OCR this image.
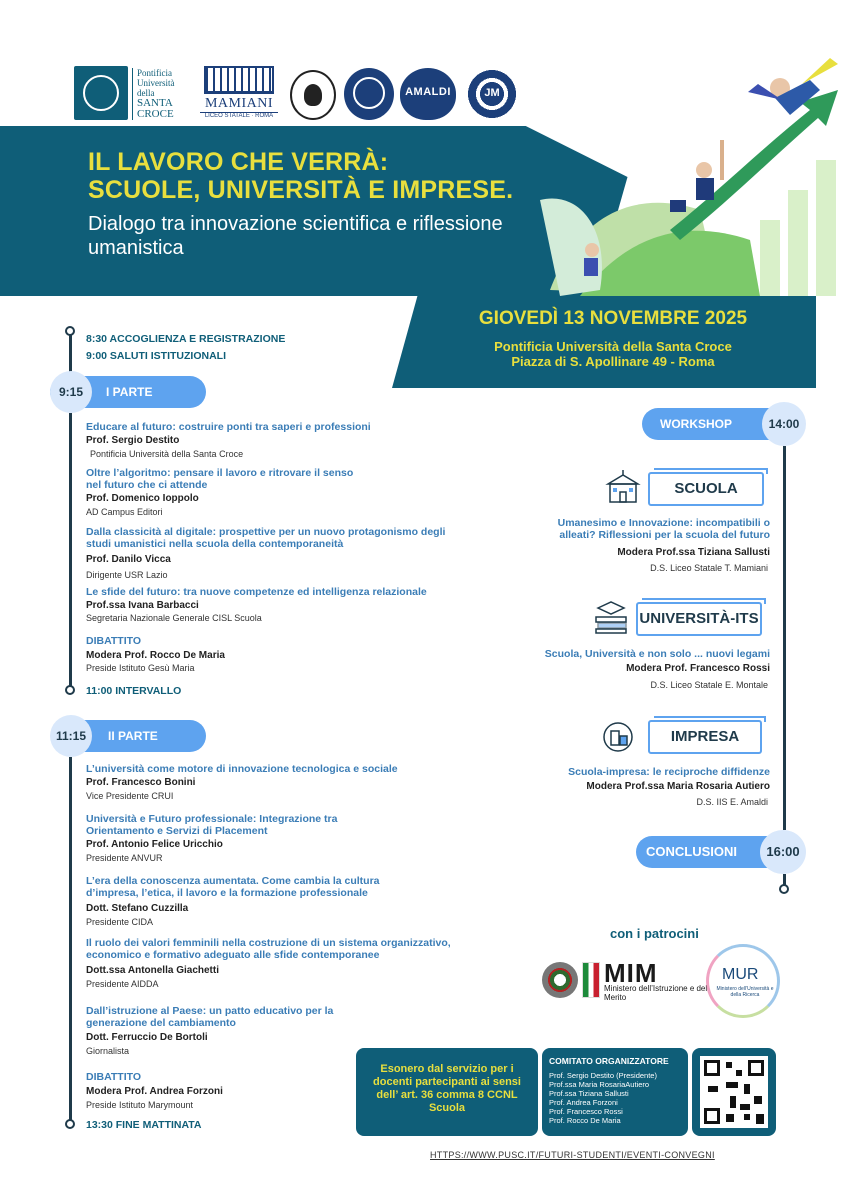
Pontificia
Università
della
SANTA
CROCE
MAMIANI
LICEO STATALE · ROMA
AMALDI	JM
IL LAVORO CHE VERRÀ:
SCUOLE, UNIVERSITÀ E IMPRESE.
Dialogo tra innovazione scientifica e riflessione umanistica
GIOVEDÌ 13 NOVEMBRE 2025
Pontificia Università della Santa Croce
Piazza di S. Apollinare 49 - Roma
8:30 ACCOGLIENZA E REGISTRAZIONE
9:00 SALUTI ISTITUZIONALI
I PARTE
9:15
Educare al futuro: costruire ponti tra saperi e professioni
Prof. Sergio Destito
Pontificia Università della Santa Croce
Oltre l’algoritmo: pensare il lavoro e ritrovare il senso nel futuro che ci attende
Prof. Domenico Ioppolo
AD Campus Editori
Dalla classicità al digitale: prospettive per un nuovo protagonismo degli studi umanistici nella scuola della contemporaneità
Prof. Danilo Vicca
Dirigente USR Lazio
Le sfide del futuro: tra nuove competenze ed intelligenza relazionale
Prof.ssa Ivana Barbacci
Segretaria Nazionale Generale CISL Scuola
DIBATTITO
Modera Prof. Rocco De Maria
Preside Istituto Gesù Maria
11:00 INTERVALLO
II PARTE
11:15
L’università come motore di innovazione tecnologica e sociale
Prof. Francesco Bonini
Vice Presidente CRUI
Università e Futuro professionale: Integrazione tra Orientamento e Servizi di Placement
Prof. Antonio Felice Uricchio
Presidente ANVUR
L’era della conoscenza aumentata. Come cambia la cultura d’impresa, l’etica, il lavoro e la formazione professionale
Dott. Stefano Cuzzilla
Presidente CIDA
Il ruolo dei valori femminili nella costruzione di un sistema organizzativo, economico e formativo adeguato alle sfide contemporanee
Dott.ssa Antonella Giachetti
Presidente AIDDA
Dall’istruzione al Paese: un patto educativo per la generazione del cambiamento
Dott. Ferruccio De Bortoli
Giornalista
DIBATTITO
Modera Prof. Andrea Forzoni
Preside Istituto Marymount
13:30 FINE MATTINATA
WORKSHOP	14:00
SCUOLA
Umanesimo e Innovazione: incompatibili o alleati? Riflessioni per la scuola del futuro
Modera Prof.ssa Tiziana Sallusti
D.S. Liceo Statale T. Mamiani
UNIVERSITÀ-ITS
Scuola, Università e non solo ... nuovi legami
Modera Prof. Francesco Rossi
D.S. Liceo Statale E. Montale
IMPRESA
Scuola-impresa: le reciproche diffidenze
Modera Prof.ssa Maria Rosaria Autiero
D.S. IIS E. Amaldi
CONCLUSIONI	16:00
con i patrocini
MIM
Ministero dell’Istruzione e del Merito
MUR
Ministero dell’Università e della Ricerca
Esonero dal servizio per i docenti partecipanti ai sensi dell’ art. 36 comma 8 CCNL Scuola
COMITATO ORGANIZZATORE
Prof. Sergio Destito (Presidente)
Prof.ssa Maria RosariaAutiero
Prof.ssa Tiziana Sallusti
Prof. Andrea Forzoni
Prof. Francesco Rossi
Prof. Rocco De Maria
HTTPS://WWW.PUSC.IT/FUTURI-STUDENTI/EVENTI-CONVEGNI
